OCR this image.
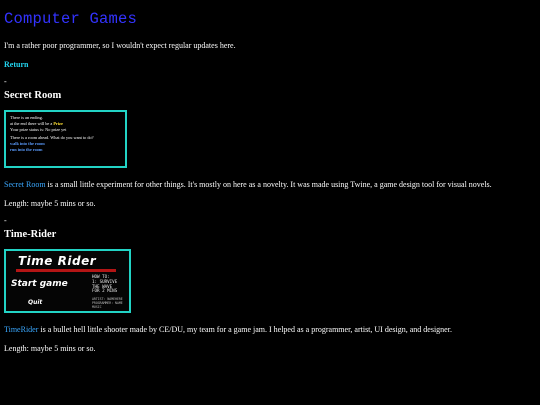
Computer Games

I'm a rather poor programmer, so I wouldn't expect regular updates here.

Return
-
Secret Room
There is an ending.
at the end there will be a Prize
Your prize status is: No prize yet
There is a room ahead. What do you want to do?
walk into the room
run into the room

Secret Room is a small little experiment for other things. It's mostly on here as a novelty. It was made using Twine, a game design tool for visual novels.

Length: maybe 5 mins or so.

-
Time-Rider
Time Rider
Start game
Quit
HOW TO:
1: SURVIVE
THE WAVE
FOR 2 MINS
ARTIST: NAMEHERE
PROGRAMMER: NAME
MUSIC

TimeRider is a bullet hell little shooter made by CE/DU, my team for a game jam. I helped as a programmer, artist, UI design, and designer.

Length: maybe 5 mins or so.
